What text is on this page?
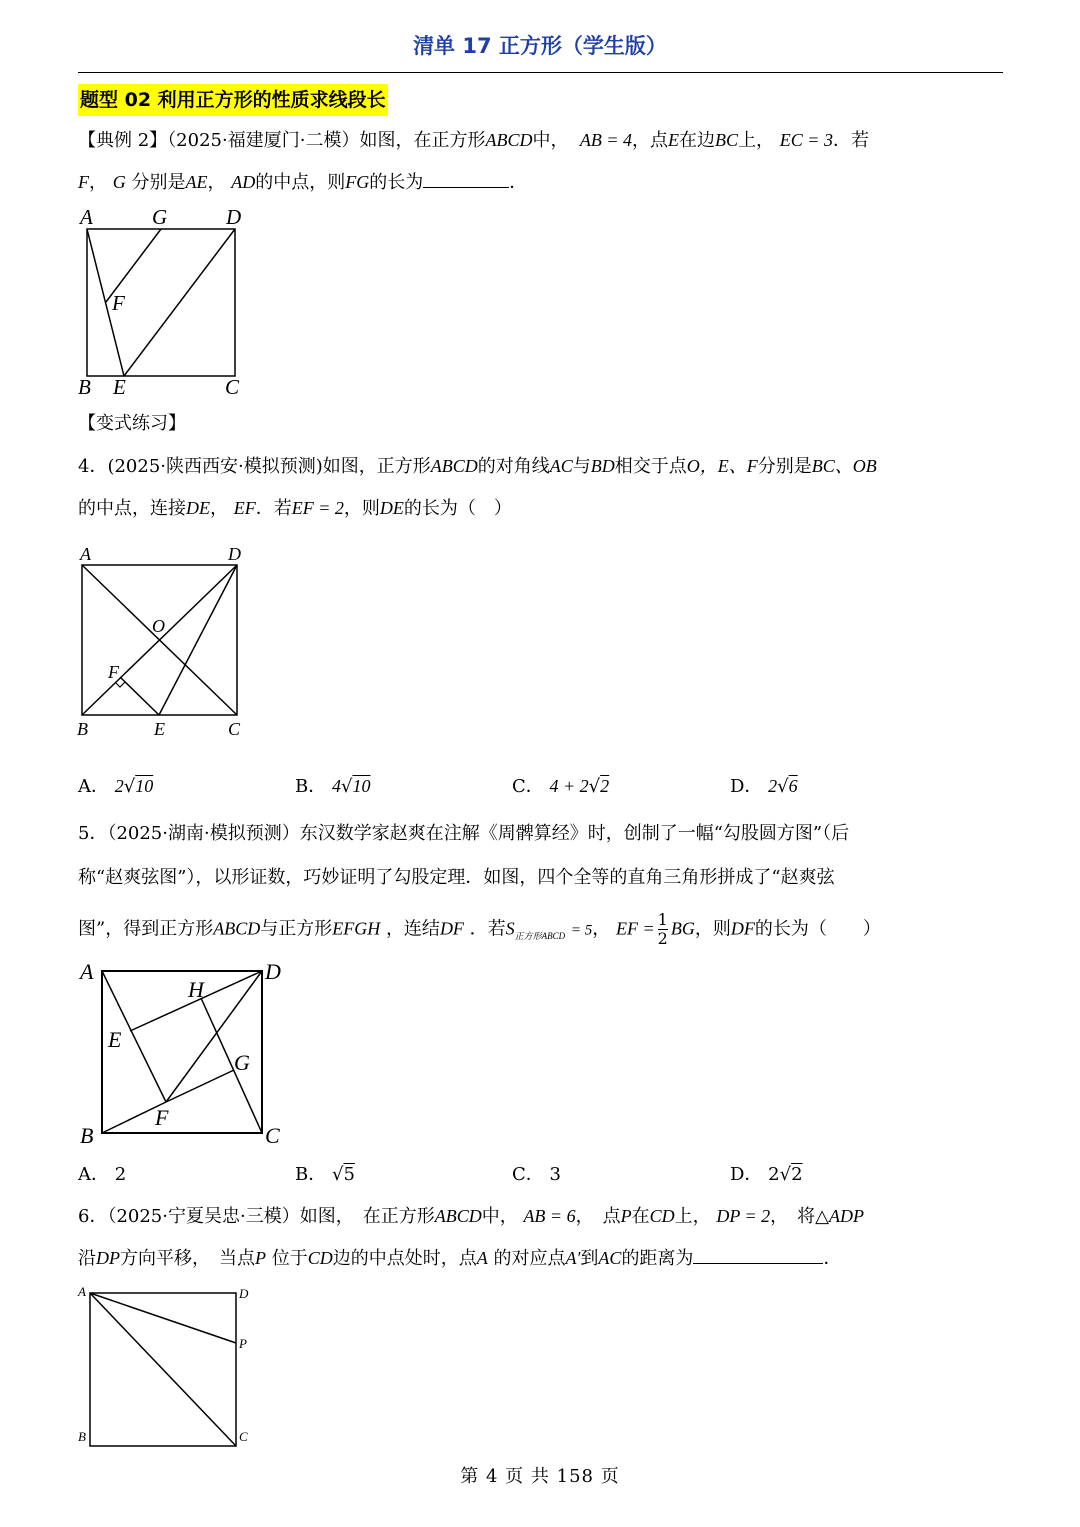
清单 17 正方形（学生版）
题型 02 利用正方形的性质求线段长
【典例 2】（2025·福建厦门·二模）如图，在正方形ABCD中， AB = 4，点E在边BC上， EC = 3．若
F， G 分别是AE， AD的中点，则FG的长为	．
A	G	D
F
B E	C
【变式练习】
4．(2025·陕西西安·模拟预测)如图，正方形ABCD的对角线AC与BD相交于点O，E、F分别是BC、OB
的中点，连接DE， EF．若EF = 2，则DE的长为（　）
A	D
O
F
B	E	C
A． 2√10	B． 4√10	C． 4 + 2√2	D． 2√6
5．（2025·湖南·模拟预测）东汉数学家赵爽在注解《周髀算经》时，创制了一幅“勾股圆方图”（后
称“赵爽弦图”），以形证数，巧妙证明了勾股定理．如图，四个全等的直角三角形拼成了“赵爽弦
图”，得到正方形ABCD与正方形EFGH ，连结DF ．若$S_{正方形ABCD} = 5$， EF = $\frac{1}{2}$ BG，则DF的长为（　　）
A	D
H
E
G
F
B	C
A． 2	B． √5	C． 3	D． 2√2
6．（2025·宁夏吴忠·三模）如图，　在正方形ABCD中， AB = 6，　点P在CD上， DP = 2，　将△ADP
沿DP方向平移，　当点P 位于CD边的中点处时，点A 的对应点A′到AC的距离为	．
A	D
P
B	C
第 4 页 共 158 页
